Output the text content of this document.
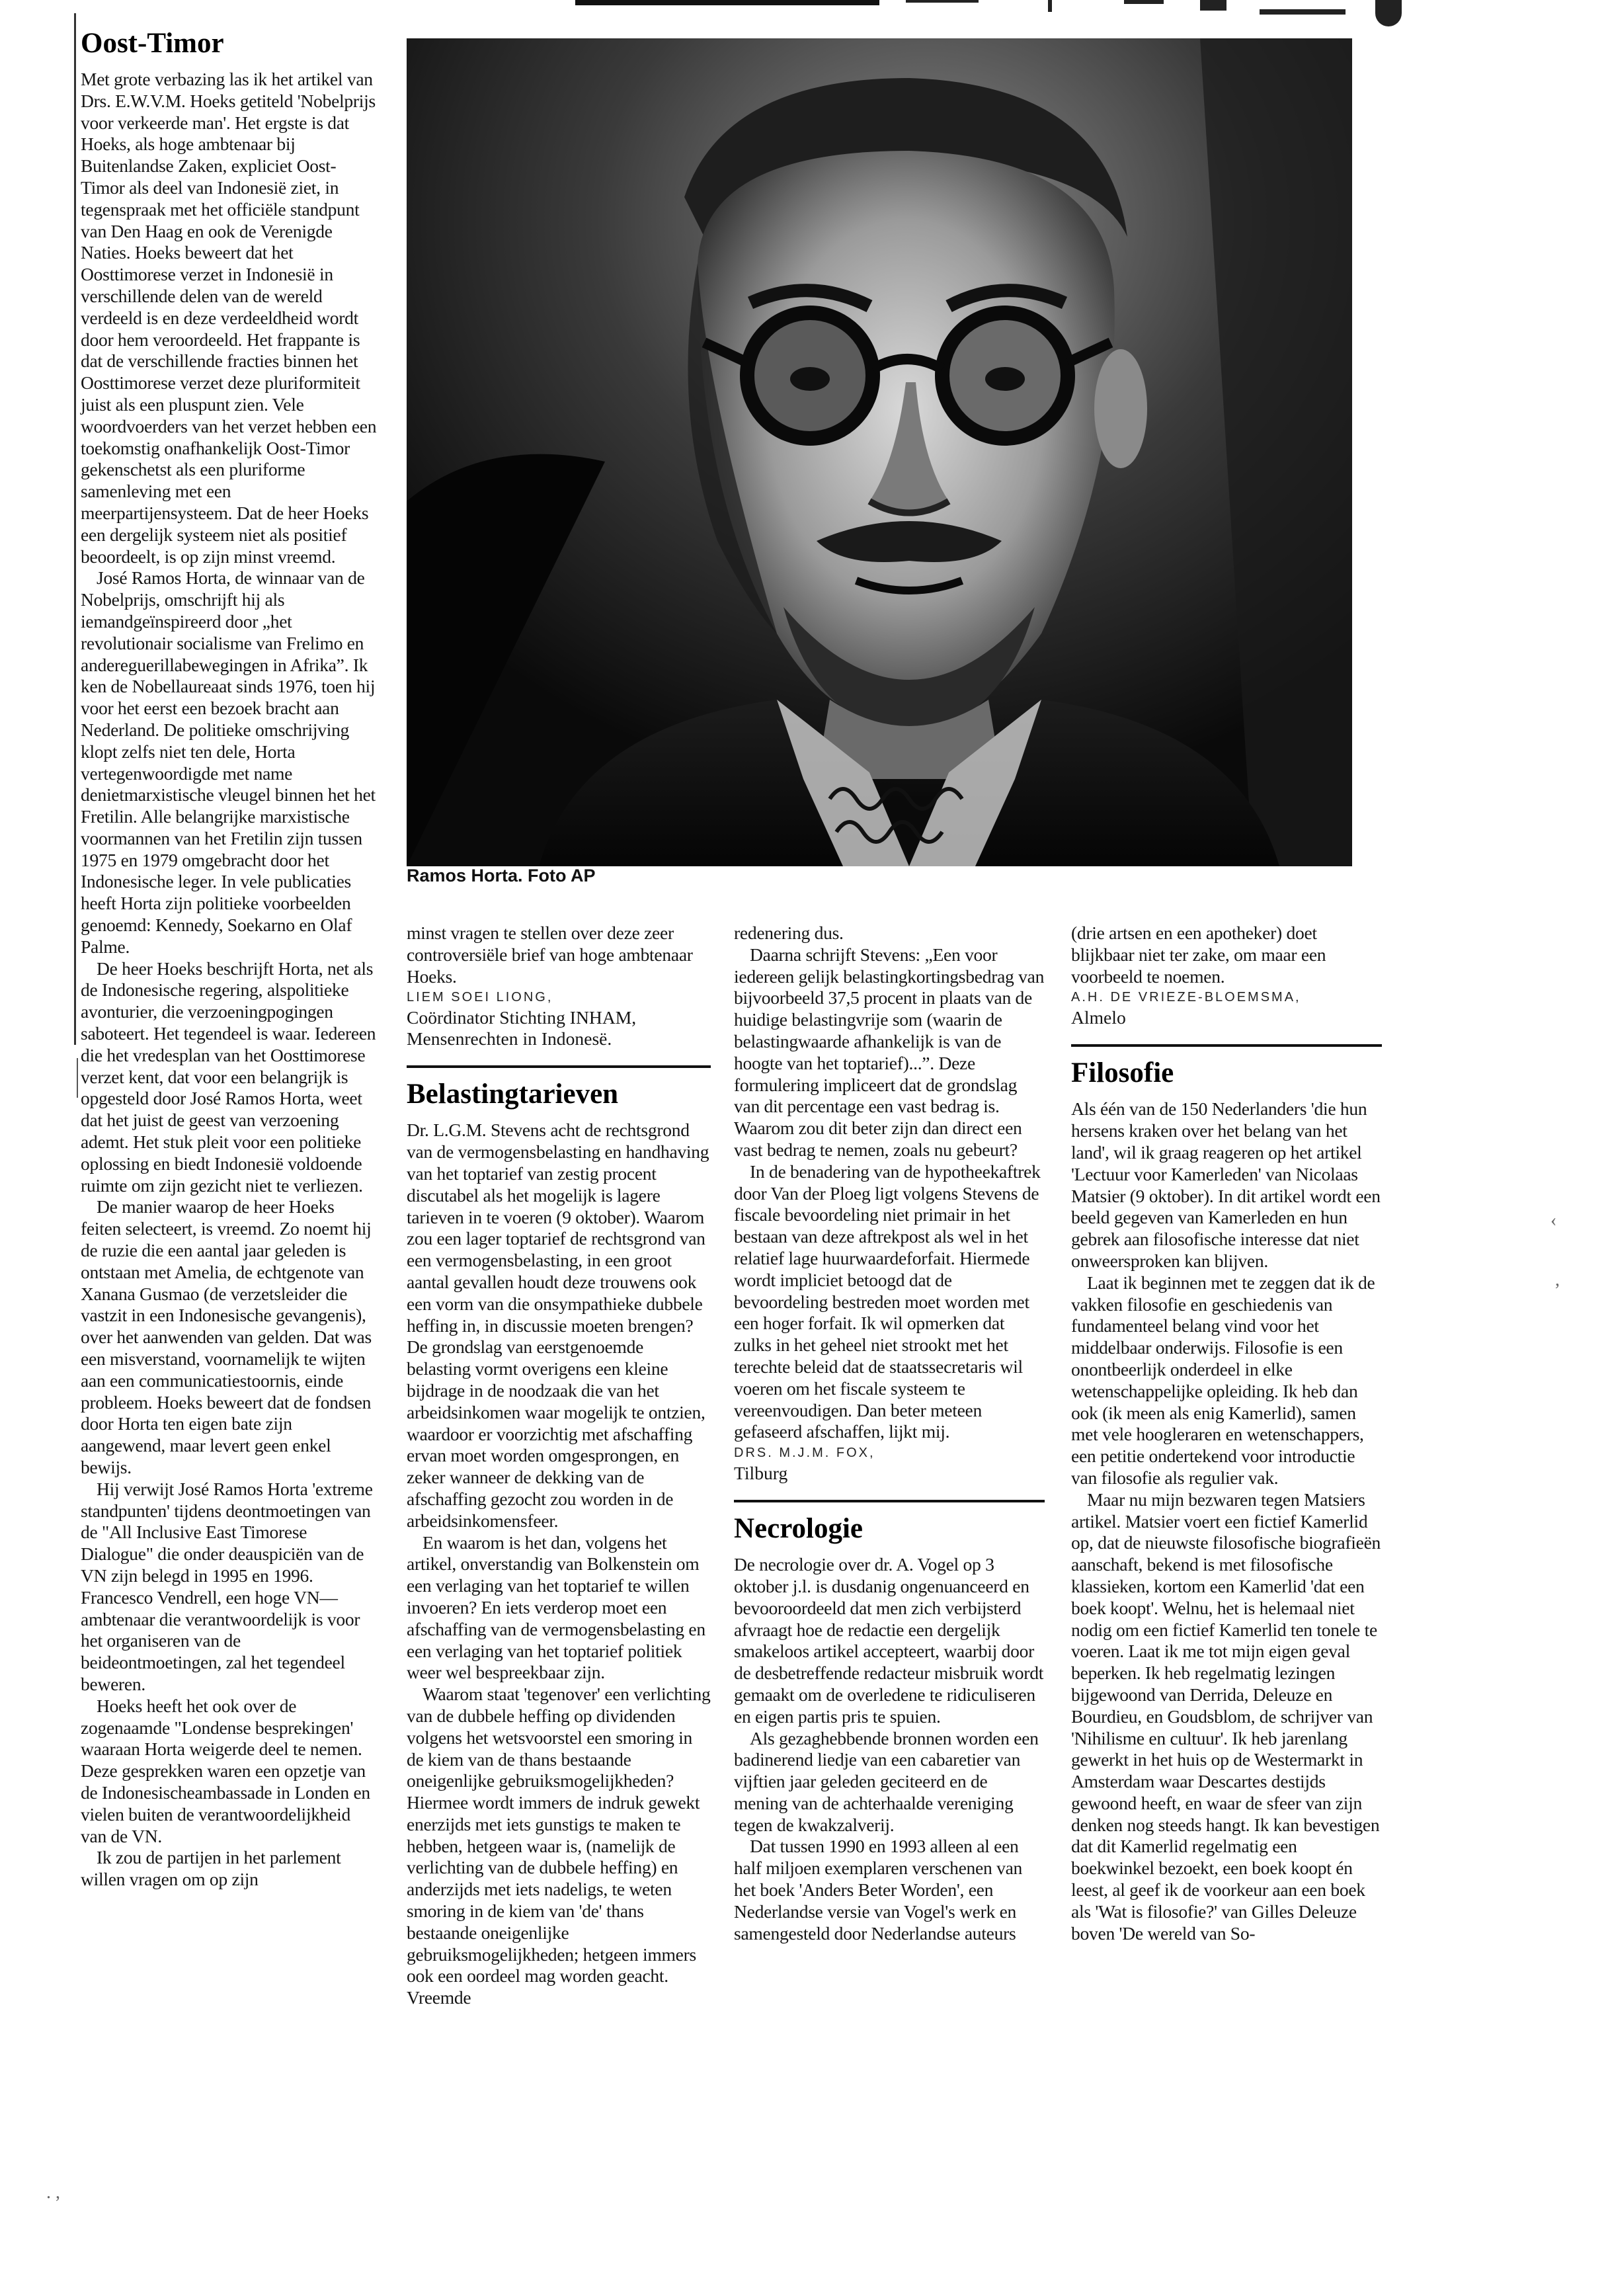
Oost-Timor

Met grote verbazing las ik het artikel van Drs. E.W.V.M. Hoeks getiteld 'Nobelprijs voor verkeerde man'. Het ergste is dat Hoeks, als hoge ambtenaar bij Buitenlandse Zaken, expliciet Oost-Timor als deel van Indonesië ziet, in tegenspraak met het officiële standpunt van Den Haag en ook de Verenigde Naties. Hoeks beweert dat het Oosttimorese verzet in Indonesië in verschillende delen van de wereld verdeeld is en deze verdeeldheid wordt door hem veroordeeld. Het frappante is dat de verschillende fracties binnen het Oosttimorese verzet deze pluriformiteit juist als een pluspunt zien. Vele woordvoerders van het verzet hebben een toekomstig onafhankelijk Oost-Timor gekenschetst als een pluriforme samenleving met een meerpartijensysteem. Dat de heer Hoeks een dergelijk systeem niet als positief beoordeelt, is op zijn minst vreemd.

José Ramos Horta, de winnaar van de Nobelprijs, omschrijft hij als iemandgeïnspireerd door „het revolutionair socialisme van Frelimo en andereguerillabewegingen in Afrika”. Ik ken de Nobellaureaat sinds 1976, toen hij voor het eerst een bezoek bracht aan Nederland. De politieke omschrijving klopt zelfs niet ten dele, Horta vertegenwoordigde met name denietmarxistische vleugel binnen het het Fretilin. Alle belangrijke marxistische voormannen van het Fretilin zijn tussen 1975 en 1979 omgebracht door het Indonesische leger. In vele publicaties heeft Horta zijn politieke voorbeelden genoemd: Kennedy, Soekarno en Olaf Palme.

De heer Hoeks beschrijft Horta, net als de Indonesische regering, alspolitieke avonturier, die verzoeningpogingen saboteert. Het tegendeel is waar. Iedereen die het vredesplan van het Oosttimorese verzet kent, dat voor een belangrijk is opgesteld door José Ramos Horta, weet dat het juist de geest van verzoening ademt. Het stuk pleit voor een politieke oplossing en biedt Indonesië voldoende ruimte om zijn gezicht niet te verliezen.

De manier waarop de heer Hoeks feiten selecteert, is vreemd. Zo noemt hij de ruzie die een aantal jaar geleden is ontstaan met Amelia, de echtgenote van Xanana Gusmao (de verzetsleider die vastzit in een Indonesische gevangenis), over het aanwenden van gelden. Dat was een misverstand, voornamelijk te wijten aan een communicatiestoornis, einde probleem. Hoeks beweert dat de fondsen door Horta ten eigen bate zijn aangewend, maar levert geen enkel bewijs.

Hij verwijt José Ramos Horta 'extreme standpunten' tijdens deontmoetingen van de "All Inclusive East Timorese Dialogue" die onder deauspiciën van de VN zijn belegd in 1995 en 1996. Francesco Vendrell, een hoge VN—ambtenaar die verantwoordelijk is voor het organiseren van de beideontmoetingen, zal het tegendeel beweren.

Hoeks heeft het ook over de zogenaamde "Londense besprekingen' waaraan Horta weigerde deel te nemen. Deze gesprekken waren een opzetje van de Indonesischeambassade in Londen en vielen buiten de verantwoordelijkheid van de VN.

Ik zou de partijen in het parlement willen vragen om op zijn

Ramos Horta. Foto AP

minst vragen te stellen over deze zeer controversiële brief van hoge ambtenaar Hoeks.

LIEM SOEI LIONG,

Coördinator Stichting INHAM,

Mensenrechten in Indonesë.

Belastingtarieven

Dr. L.G.M. Stevens acht de rechtsgrond van de vermogensbelasting en handhaving van het toptarief van zestig procent discutabel als het mogelijk is lagere tarieven in te voeren (9 oktober). Waarom zou een lager toptarief de rechtsgrond van een vermogensbelasting, in een groot aantal gevallen houdt deze trouwens ook een vorm van die onsympathieke dubbele heffing in, in discussie moeten brengen? De grondslag van eerstgenoemde belasting vormt overigens een kleine bijdrage in de noodzaak die van het arbeidsinkomen waar mogelijk te ontzien, waardoor er voorzichtig met afschaffing ervan moet worden omgesprongen, en zeker wanneer de dekking van de afschaffing gezocht zou worden in de arbeidsinkomensfeer.

En waarom is het dan, volgens het artikel, onverstandig van Bolkenstein om een verlaging van het toptarief te willen invoeren? En iets verderop moet een afschaffing van de vermogensbelasting en een verlaging van het toptarief politiek weer wel bespreekbaar zijn.

Waarom staat 'tegenover' een verlichting van de dubbele heffing op dividenden volgens het wetsvoorstel een smoring in de kiem van de thans bestaande oneigenlijke gebruiksmogelijkheden? Hiermee wordt immers de indruk gewekt enerzijds met iets gunstigs te maken te hebben, hetgeen waar is, (namelijk de verlichting van de dubbele heffing) en anderzijds met iets nadeligs, te weten smoring in de kiem van 'de' thans bestaande oneigenlijke gebruiksmogelijkheden; hetgeen immers ook een oordeel mag worden geacht. Vreemde

redenering dus.

Daarna schrijft Stevens: „Een voor iedereen gelijk belastingkortingsbedrag van bijvoorbeeld 37,5 procent in plaats van de huidige belastingvrije som (waarin de belastingwaarde afhankelijk is van de hoogte van het toptarief)...”. Deze formulering impliceert dat de grondslag van dit percentage een vast bedrag is. Waarom zou dit beter zijn dan direct een vast bedrag te nemen, zoals nu gebeurt?

In de benadering van de hypotheekaftrek door Van der Ploeg ligt volgens Stevens de fiscale bevoordeling niet primair in het bestaan van deze aftrekpost als wel in het relatief lage huurwaardeforfait. Hiermede wordt impliciet betoogd dat de bevoordeling bestreden moet worden met een hoger forfait. Ik wil opmerken dat zulks in het geheel niet strookt met het terechte beleid dat de staatssecretaris wil voeren om het fiscale systeem te vereenvoudigen. Dan beter meteen gefaseerd afschaffen, lijkt mij.

DRS. M.J.M. FOX,

Tilburg

Necrologie

De necrologie over dr. A. Vogel op 3 oktober j.l. is dusdanig ongenuanceerd en bevooroordeeld dat men zich verbijsterd afvraagt hoe de redactie een dergelijk smakeloos artikel accepteert, waarbij door de desbetreffende redacteur misbruik wordt gemaakt om de overledene te ridiculiseren en eigen partis pris te spuien.

Als gezaghebbende bronnen worden een badinerend liedje van een cabaretier van vijftien jaar geleden geciteerd en de mening van de achterhaalde vereniging tegen de kwakzalverij.

Dat tussen 1990 en 1993 alleen al een half miljoen exemplaren verschenen van het boek 'Anders Beter Worden', een Nederlandse versie van Vogel's werk en samengesteld door Nederlandse auteurs

(drie artsen en een apotheker) doet blijkbaar niet ter zake, om maar een voorbeeld te noemen.

A.H. DE VRIEZE-BLOEMSMA,

Almelo

Filosofie

Als één van de 150 Nederlanders 'die hun hersens kraken over het belang van het land', wil ik graag reageren op het artikel 'Lectuur voor Kamerleden' van Nicolaas Matsier (9 oktober). In dit artikel wordt een beeld gegeven van Kamerleden en hun gebrek aan filosofische interesse dat niet onweersproken kan blijven.

Laat ik beginnen met te zeggen dat ik de vakken filosofie en geschiedenis van fundamenteel belang vind voor het middelbaar onderwijs. Filosofie is een onontbeerlijk onderdeel in elke wetenschappelijke opleiding. Ik heb dan ook (ik meen als enig Kamerlid), samen met vele hoogleraren en wetenschappers, een petitie ondertekend voor introductie van filosofie als regulier vak.

Maar nu mijn bezwaren tegen Matsiers artikel. Matsier voert een fictief Kamerlid op, dat de nieuwste filosofische biografieën aanschaft, bekend is met filosofische klassieken, kortom een Kamerlid 'dat een boek koopt'. Welnu, het is helemaal niet nodig om een fictief Kamerlid ten tonele te voeren. Laat ik me tot mijn eigen geval beperken. Ik heb regelmatig lezingen bijgewoond van Derrida, Deleuze en Bourdieu, en Goudsblom, de schrijver van 'Nihilisme en cultuur'. Ik heb jarenlang gewerkt in het huis op de Westermarkt in Amsterdam waar Descartes destijds gewoond heeft, en waar de sfeer van zijn denken nog steeds hangt. Ik kan bevestigen dat dit Kamerlid regelmatig een boekwinkel bezoekt, een boek koopt én leest, al geef ik de voorkeur aan een boek als 'Wat is filosofie?' van Gilles Deleuze boven 'De wereld van So-

‹
,
. ,
